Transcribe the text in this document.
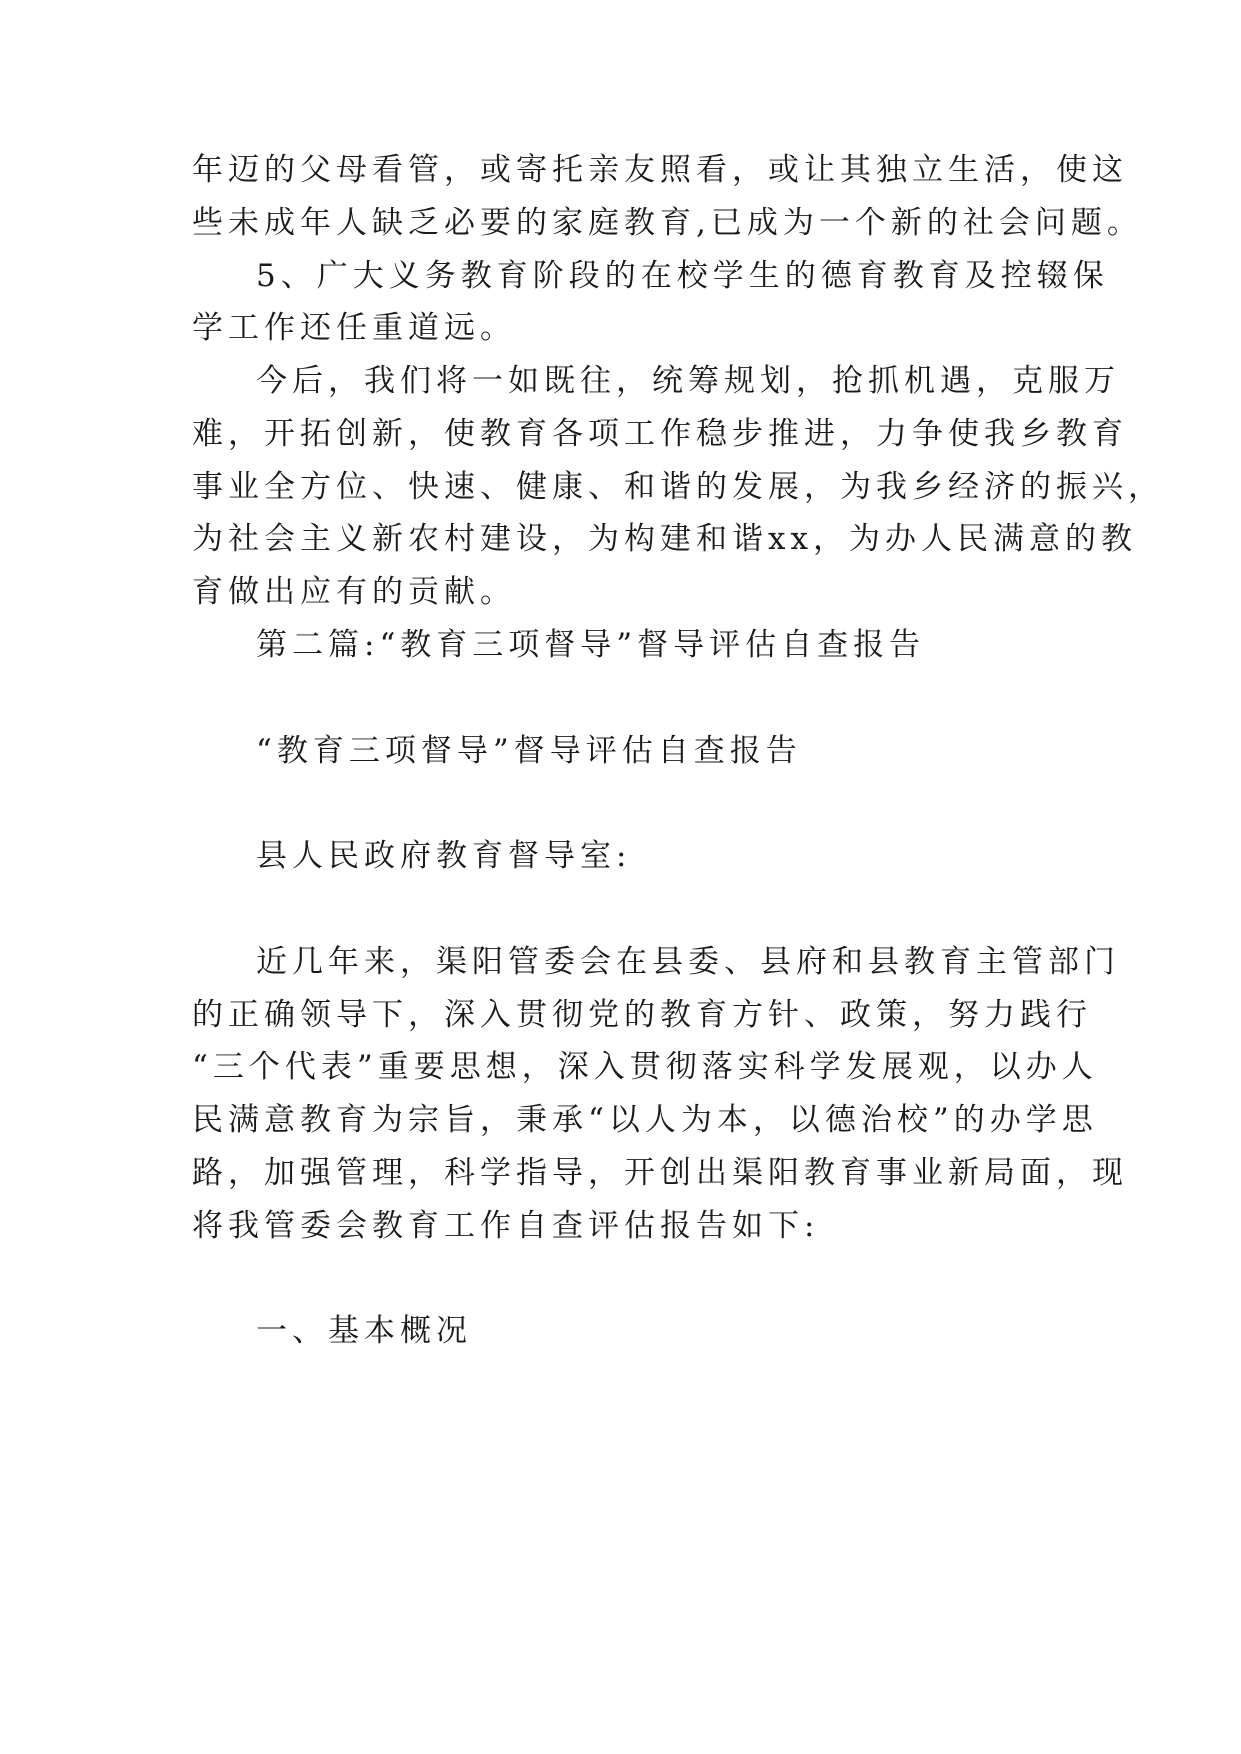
年迈的父母看管，或寄托亲友照看，或让其独立生活，使这

些未成年人缺乏必要的家庭教育,已成为一个新的社会问题。

5、广大义务教育阶段的在校学生的德育教育及控辍保

学工作还任重道远。

今后，我们将一如既往，统筹规划，抢抓机遇，克服万

难，开拓创新，使教育各项工作稳步推进，力争使我乡教育

事业全方位、快速、健康、和谐的发展，为我乡经济的振兴，

为社会主义新农村建设，为构建和谐xx，为办人民满意的教

育做出应有的贡献。

第二篇:“教育三项督导”督导评估自查报告

“教育三项督导”督导评估自查报告

县人民政府教育督导室:

近几年来，渠阳管委会在县委、县府和县教育主管部门

的正确领导下，深入贯彻党的教育方针、政策，努力践行

“三个代表”重要思想，深入贯彻落实科学发展观，以办人

民满意教育为宗旨，秉承“以人为本，以德治校”的办学思

路，加强管理，科学指导，开创出渠阳教育事业新局面，现

将我管委会教育工作自查评估报告如下:

一、基本概况
